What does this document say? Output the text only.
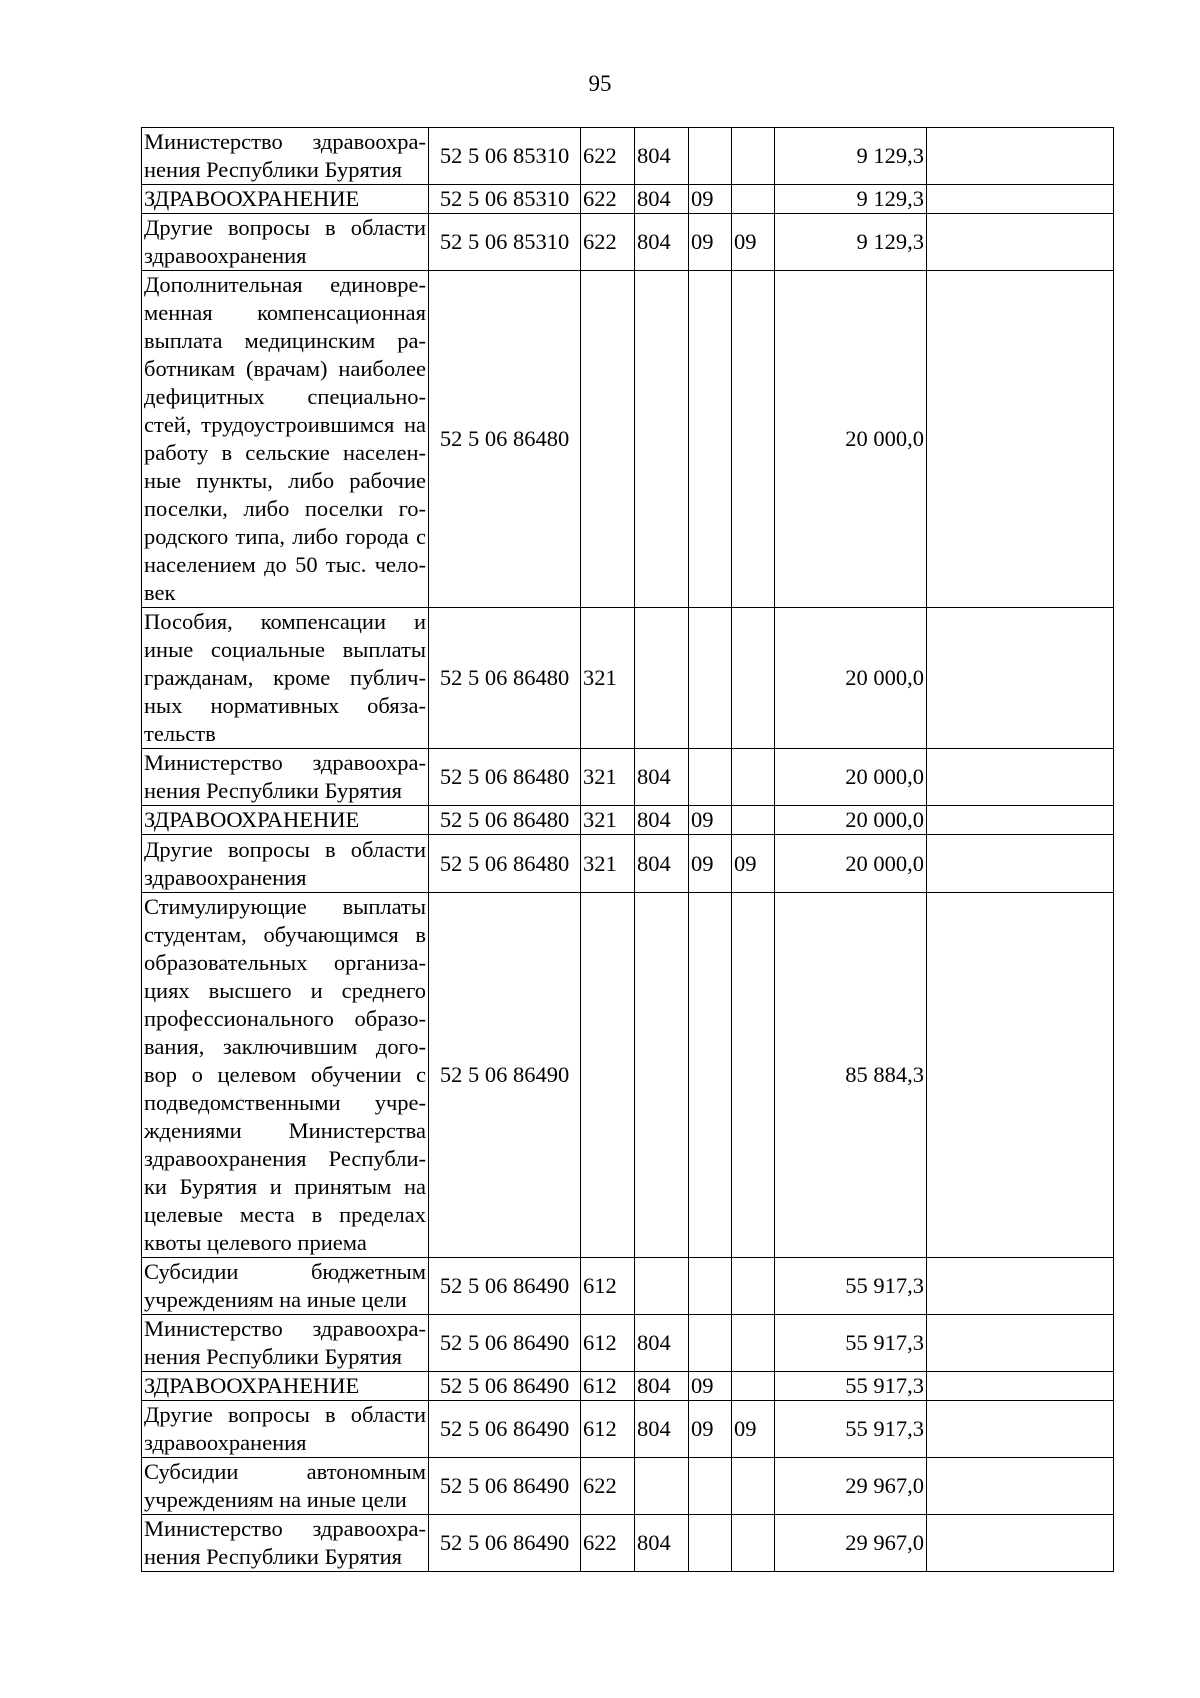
95
Министерство здравоохра-нения Республики Бурятия	52 5 06 85310	622	804			9 129,3	
ЗДРАВООХРАНЕНИЕ	52 5 06 85310	622	804	09		9 129,3	
Другие вопросы в области здравоохранения	52 5 06 85310	622	804	09	09	9 129,3	
Дополнительная единовре-менная компенсационная выплата медицинским ра-ботникам (врачам) наиболее дефицитных специально-стей, трудоустроившимся на работу в сельские населен-ные пункты, либо рабочие поселки, либо поселки го-родского типа, либо города с населением до 50 тыс. чело-век	52 5 06 86480					20 000,0	
Пособия, компенсации и иные социальные выплаты гражданам, кроме публич-ных нормативных обяза-тельств	52 5 06 86480	321				20 000,0	
Министерство здравоохра-нения Республики Бурятия	52 5 06 86480	321	804			20 000,0	
ЗДРАВООХРАНЕНИЕ	52 5 06 86480	321	804	09		20 000,0	
Другие вопросы в области здравоохранения	52 5 06 86480	321	804	09	09	20 000,0	
Стимулирующие выплаты студентам, обучающимся в образовательных организа-циях высшего и среднего профессионального образо-вания, заключившим дого-вор о целевом обучении с подведомственными учре-ждениями Министерства здравоохранения Республи-ки Бурятия и принятым на целевые места в пределах квоты целевого приема	52 5 06 86490					85 884,3	
Субсидии бюджетным учреждениям на иные цели	52 5 06 86490	612				55 917,3	
Министерство здравоохра-нения Республики Бурятия	52 5 06 86490	612	804			55 917,3	
ЗДРАВООХРАНЕНИЕ	52 5 06 86490	612	804	09		55 917,3	
Другие вопросы в области здравоохранения	52 5 06 86490	612	804	09	09	55 917,3	
Субсидии автономным учреждениям на иные цели	52 5 06 86490	622				29 967,0	
Министерство здравоохра-нения Республики Бурятия	52 5 06 86490	622	804			29 967,0	
